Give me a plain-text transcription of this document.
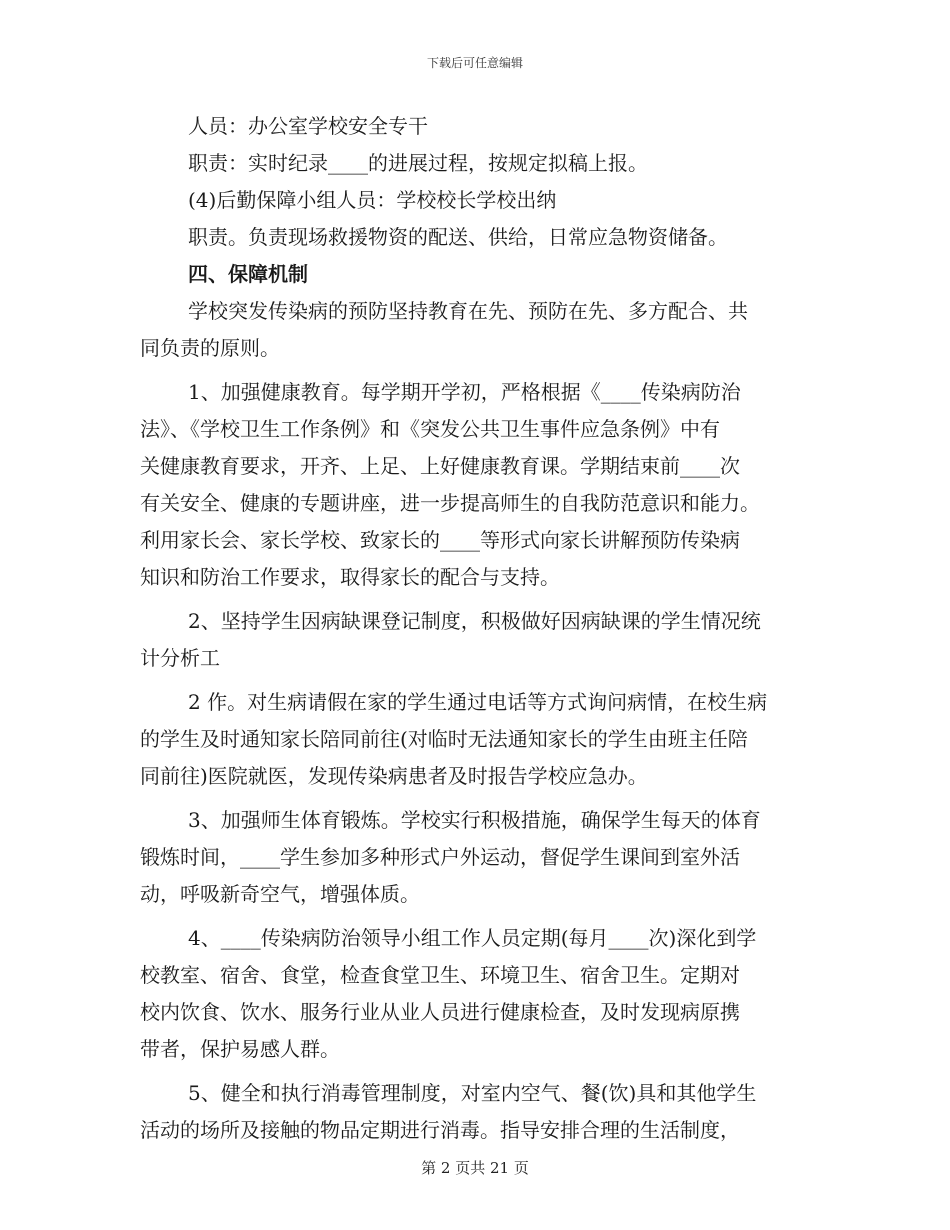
下载后可任意编辑
人员：办公室学校安全专干
职责：实时纪录____的进展过程，按规定拟稿上报。
(4)后勤保障小组人员：学校校长学校出纳
职责。负责现场救援物资的配送、供给，日常应急物资储备。
四、保障机制
学校突发传染病的预防坚持教育在先、预防在先、多方配合、共
同负责的原则。
1、加强健康教育。每学期开学初，严格根据《____传染病防治
法》、《学校卫生工作条例》和《突发公共卫生事件应急条例》中有
关健康教育要求，开齐、上足、上好健康教育课。学期结束前____次
有关安全、健康的专题讲座，进一步提高师生的自我防范意识和能力。
利用家长会、家长学校、致家长的____等形式向家长讲解预防传染病
知识和防治工作要求，取得家长的配合与支持。
2、坚持学生因病缺课登记制度，积极做好因病缺课的学生情况统
计分析工
2 作。对生病请假在家的学生通过电话等方式询问病情，在校生病
的学生及时通知家长陪同前往(对临时无法通知家长的学生由班主任陪
同前往)医院就医，发现传染病患者及时报告学校应急办。
3、加强师生体育锻炼。学校实行积极措施，确保学生每天的体育
锻炼时间，____学生参加多种形式户外运动，督促学生课间到室外活
动，呼吸新奇空气，增强体质。
4、____传染病防治领导小组工作人员定期(每月____次)深化到学
校教室、宿舍、食堂，检查食堂卫生、环境卫生、宿舍卫生。定期对
校内饮食、饮水、服务行业从业人员进行健康检查，及时发现病原携
带者，保护易感人群。
5、健全和执行消毒管理制度，对室内空气、餐(饮)具和其他学生
活动的场所及接触的物品定期进行消毒。指导安排合理的生活制度，
第 2 页共 21 页
